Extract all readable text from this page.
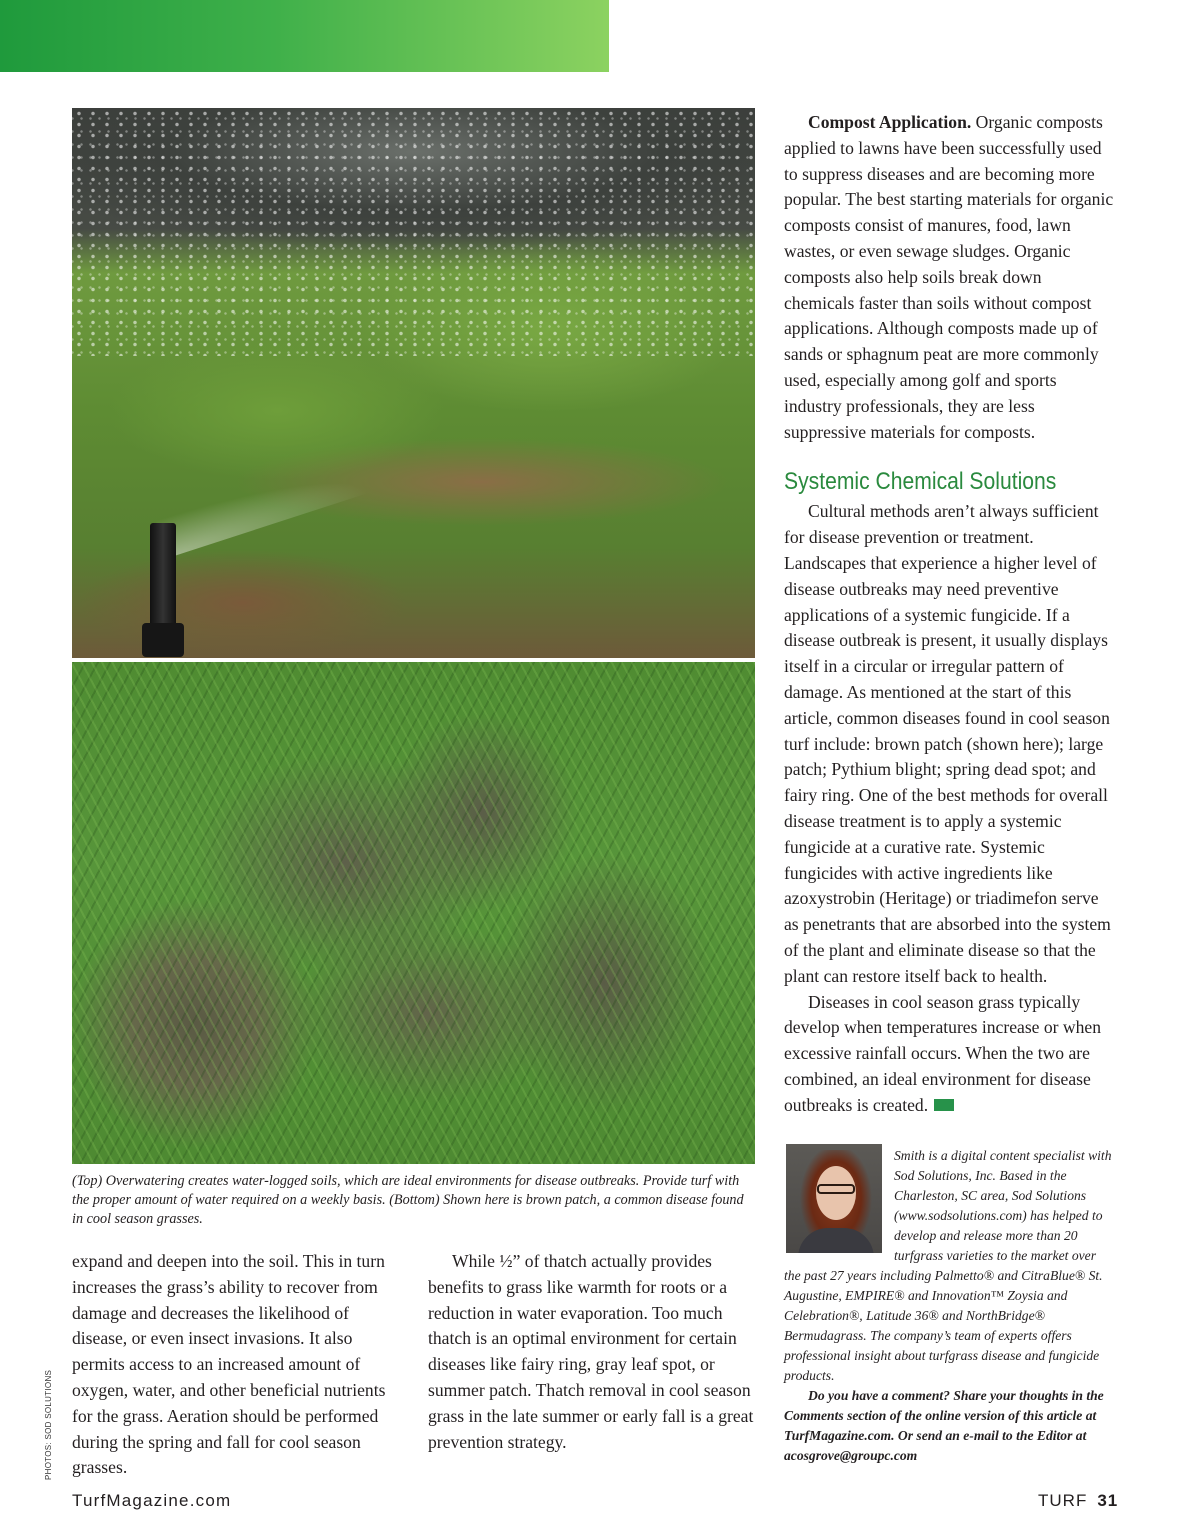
PHOTOS: SOD SOLUTIONS
(Top) Overwatering creates water-logged soils, which are ideal environments for disease outbreaks. Provide turf with the proper amount of water required on a weekly basis. (Bottom) Shown here is brown patch, a common disease found in cool season grasses.

expand and deepen into the soil. This in turn increases the grass’s ability to recover from damage and decreases the likelihood of disease, or even insect invasions. It also permits access to an increased amount of oxygen, water, and other beneficial nutrients for the grass. Aeration should be performed during the spring and fall for cool season grasses.

While ½” of thatch actually provides benefits to grass like warmth for roots or a reduction in water evaporation. Too much thatch is an optimal environment for certain diseases like fairy ring, gray leaf spot, or summer patch. Thatch removal in cool season grass in the late summer or early fall is a great prevention strategy.

Compost Application. Organic composts applied to lawns have been successfully used to suppress diseases and are becoming more popular. The best starting materials for organic composts consist of manures, food, lawn wastes, or even sewage sludges. Organic composts also help soils break down chemicals faster than soils without compost applications. Although composts made up of sands or sphagnum peat are more commonly used, especially among golf and sports industry professionals, they are less suppressive materials for composts.

Systemic Chemical Solutions

Cultural methods aren’t always sufficient for disease prevention or treatment. Landscapes that experience a higher level of disease outbreaks may need preventive applications of a systemic fungicide. If a disease outbreak is present, it usually displays itself in a circular or irregular pattern of damage. As mentioned at the start of this article, common diseases found in cool season turf include: brown patch (shown here); large patch; Pythium blight; spring dead spot; and fairy ring. One of the best methods for overall disease treatment is to apply a systemic fungicide at a curative rate. Systemic fungicides with active ingredients like azoxystrobin (Heritage) or triadimefon serve as penetrants that are absorbed into the system of the plant and eliminate disease so that the plant can restore itself back to health.

Diseases in cool season grass typically develop when temperatures increase or when excessive rainfall occurs. When the two are combined, an ideal environment for disease outbreaks is created.

Smith is a digital content specialist with Sod Solutions, Inc. Based in the Charleston, SC area, Sod Solutions (www.sodsolutions.com) has helped to develop and release more than 20 turfgrass varieties to the market over the past 27 years including Palmetto® and CitraBlue® St. Augustine, EMPIRE® and Innovation™ Zoysia and Celebration®, Latitude 36® and NorthBridge® Bermudagrass. The company’s team of experts offers professional insight about turfgrass disease and fungicide products.

Do you have a comment? Share your thoughts in the Comments section of the online version of this article at TurfMagazine.com. Or send an e-mail to the Editor at acosgrove@groupc.com

TurfMagazine.com	TURF 31
